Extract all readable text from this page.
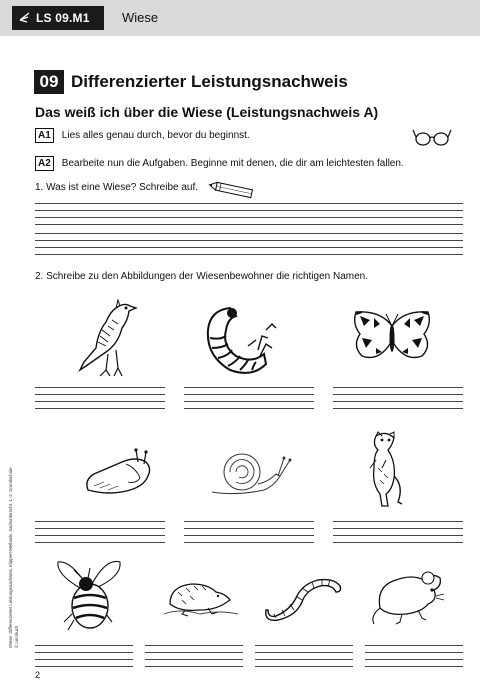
LS 09.M1 Wiese
09 Differenzierter Leistungsnachweis
Das weiß ich über die Wiese (Leistungsnachweis A)
A1	Lies alles genau durch, bevor du beginnst.
A2	Bearbeite nun die Aufgaben. Beginne mit denen, die dir am leichtesten fallen.
1. Was ist eine Wiese? Schreibe auf.
2. Schreibe zu den Abbildungen der Wiesenbewohner die richtigen Namen.
Wiese: Differenzierter Leistungsnachweis, Klippert-Methode, Sachunterricht, 1.-2. Grundschule © Lernbuch
2
